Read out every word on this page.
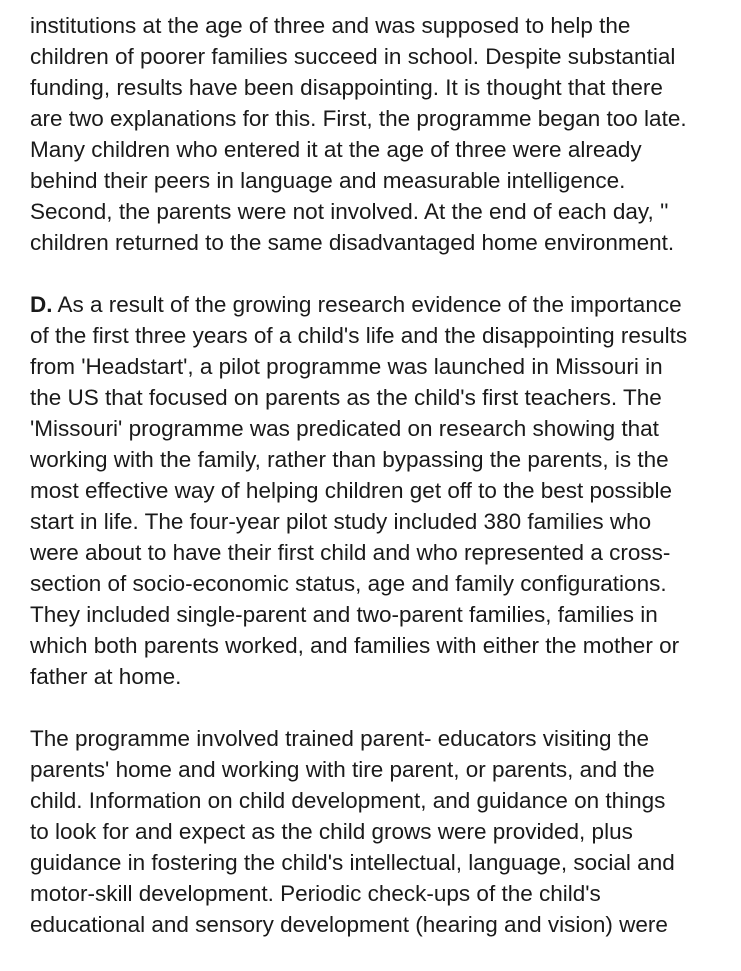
institutions at the age of three and was supposed to help the
children of poorer families succeed in school. Despite substantial
funding, results have been disappointing. It is thought that there
are two explanations for this. First, the programme began too late.
Many children who entered it at the age of three were already
behind their peers in language and measurable intelligence.
Second, the parents were not involved. At the end of each day, ''
children returned to the same disadvantaged home environment.
D. As a result of the growing research evidence of the importance
of the first three years of a child's life and the disappointing results
from 'Headstart', a pilot programme was launched in Missouri in
the US that focused on parents as the child's first teachers. The
'Missouri' programme was predicated on research showing that
working with the family, rather than bypassing the parents, is the
most effective way of helping children get off to the best possible
start in life. The four-year pilot study included 380 families who
were about to have their first child and who represented a cross-
section of socio-economic status, age and family configurations.
They included single-parent and two-parent families, families in
which both parents worked, and families with either the mother or
father at home.
The programme involved trained parent- educators visiting the
parents' home and working with tire parent, or parents, and the
child. Information on child development, and guidance on things
to look for and expect as the child grows were provided, plus
guidance in fostering the child's intellectual, language, social and
motor-skill development. Periodic check-ups of the child's
educational and sensory development (hearing and vision) were
